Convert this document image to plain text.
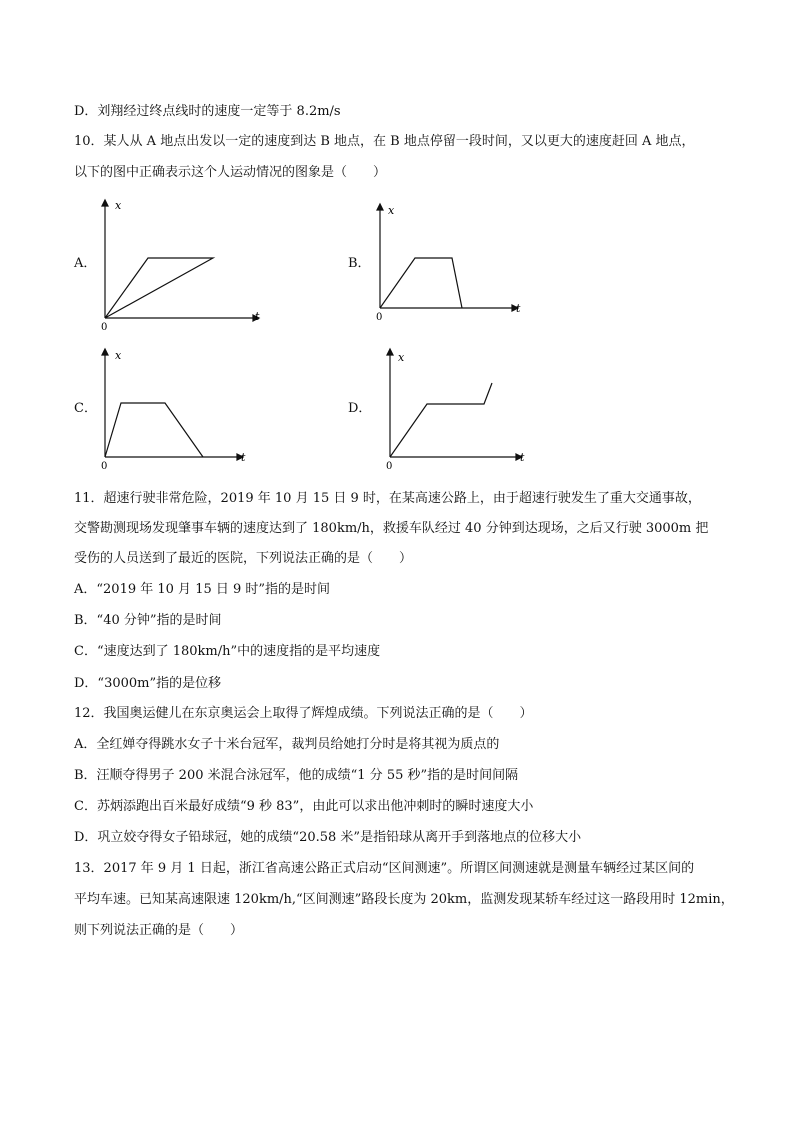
D．刘翔经过终点线时的速度一定等于 8.2m/s
10．某人从 A 地点出发以一定的速度到达 B 地点，在 B 地点停留一段时间，又以更大的速度赶回 A 地点，
以下的图中正确表示这个人运动情况的图象是（　　）
A．
x
t
0
B．
x
t
0
C．
x
t
0
D．
x
t
0
11．超速行驶非常危险，2019 年 10 月 15 日 9 时，在某高速公路上，由于超速行驶发生了重大交通事故，
交警勘测现场发现肇事车辆的速度达到了 180km/h，救援车队经过 40 分钟到达现场，之后又行驶 3000m 把
受伤的人员送到了最近的医院，下列说法正确的是（　　）
A．“2019 年 10 月 15 日 9 时”指的是时间
B．“40 分钟”指的是时间
C．“速度达到了 180km/h”中的速度指的是平均速度
D．“3000m”指的是位移
12．我国奥运健儿在东京奥运会上取得了辉煌成绩。下列说法正确的是（　　）
A．全红婵夺得跳水女子十米台冠军，裁判员给她打分时是将其视为质点的
B．汪顺夺得男子 200 米混合泳冠军，他的成绩“1 分 55 秒”指的是时间间隔
C．苏炳添跑出百米最好成绩“9 秒 83”，由此可以求出他冲刺时的瞬时速度大小
D．巩立姣夺得女子铅球冠，她的成绩“20.58 米”是指铅球从离开手到落地点的位移大小
13．2017 年 9 月 1 日起，浙江省高速公路正式启动“区间测速”。所谓区间测速就是测量车辆经过某区间的
平均车速。已知某高速限速 120km/h,“区间测速”路段长度为 20km，监测发现某轿车经过这一路段用时 12min，
则下列说法正确的是（　　）
